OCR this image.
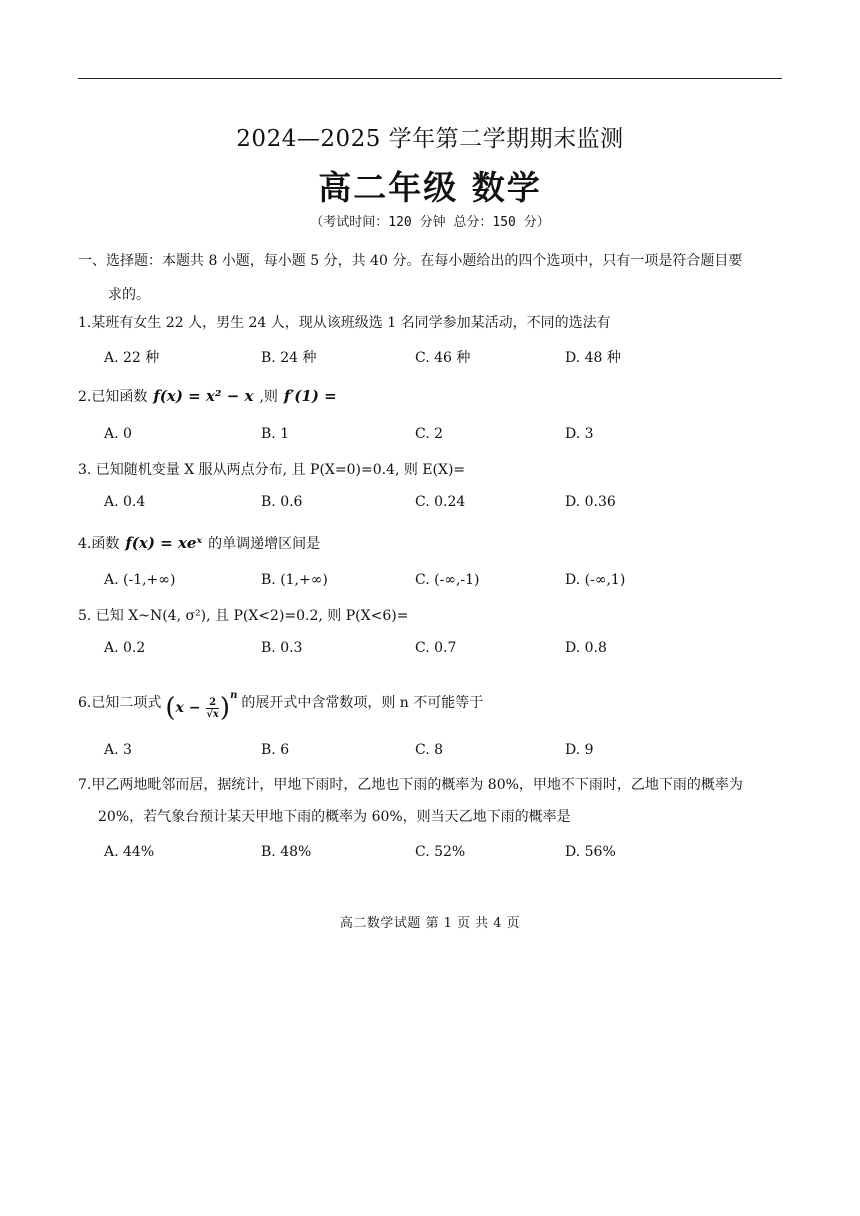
2024—2025 学年第二学期期末监测
高二年级 数学
（考试时间：120 分钟 总分：150 分）
一、选择题：本题共 8 小题，每小题 5 分，共 40 分。在每小题给出的四个选项中，只有一项是符合题目要
求的。
1.某班有女生 22 人，男生 24 人，现从该班级选 1 名同学参加某活动，不同的选法有
A. 22 种	B. 24 种	C. 46 种	D. 48 种
2.已知函数 f(x) = x² − x ,则 f′(1) =
A. 0	B. 1	C. 2	D. 3
3. 已知随机变量 X 服从两点分布, 且 P(X=0)=0.4, 则 E(X)=
A. 0.4	B. 0.6	C. 0.24	D. 0.36
4.函数 f(x) = xeˣ 的单调递增区间是
A. (-1,+∞)	B. (1,+∞)	C. (-∞,-1)	D. (-∞,1)
5. 已知 X~N(4, σ²), 且 P(X<2)=0.2, 则 P(X<6)=
A. 0.2	B. 0.3	C. 0.7	D. 0.8
6.已知二项式 $(x - \frac{2}{√x} )^n$ 的展开式中含常数项，则 n 不可能等于
A. 3	B. 6	C. 8	D. 9
7.甲乙两地毗邻而居，据统计，甲地下雨时，乙地也下雨的概率为 80%，甲地不下雨时，乙地下雨的概率为
20%，若气象台预计某天甲地下雨的概率为 60%，则当天乙地下雨的概率是
A. 44%	B. 48%	C. 52%	D. 56%
高二数学试题 第 1 页 共 4 页
